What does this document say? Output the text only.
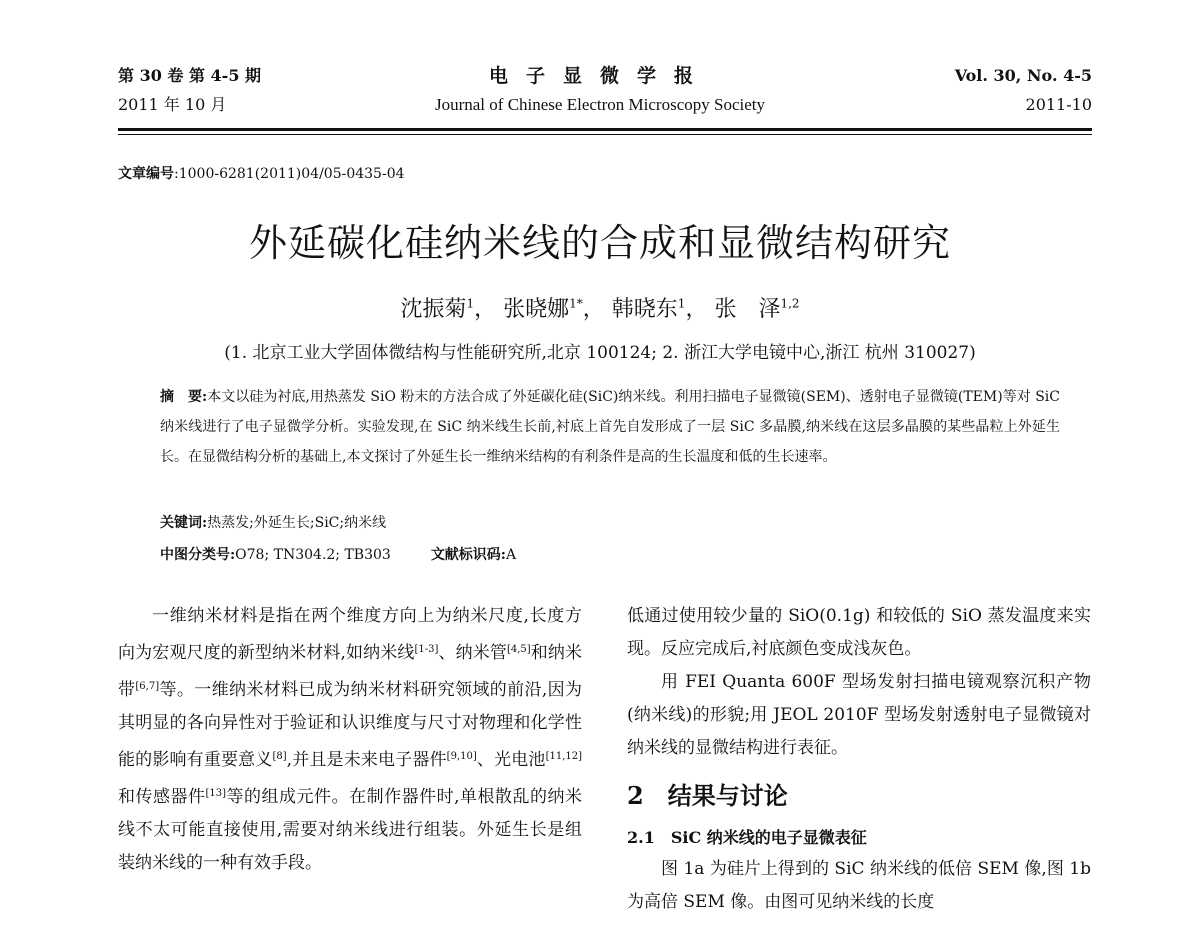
第 30 卷 第 4-5 期
2011 年 10 月
电子显微学报
Journal of Chinese Electron Microscopy Society
Vol. 30, No. 4-5
2011-10
文章编号:1000-6281(2011)04/05-0435-04
外延碳化硅纳米线的合成和显微结构研究
沈振菊$^1$， 张晓娜$^{1*}$， 韩晓东$^1$， 张　泽$^{1,2}$
(1. 北京工业大学固体微结构与性能研究所,北京 100124; 2. 浙江大学电镜中心,浙江 杭州 310027)
摘　要:本文以硅为衬底,用热蒸发 SiO 粉末的方法合成了外延碳化硅(SiC)纳米线。利用扫描电子显微镜(SEM)、透射电子显微镜(TEM)等对 SiC 纳米线进行了电子显微学分析。实验发现,在 SiC 纳米线生长前,衬底上首先自发形成了一层 SiC 多晶膜,纳米线在这层多晶膜的某些晶粒上外延生长。在显微结构分析的基础上,本文探讨了外延生长一维纳米结构的有利条件是高的生长温度和低的生长速率。
关键词:热蒸发;外延生长;SiC;纳米线
中图分类号:O78; TN304.2; TB303	文献标识码:A

一维纳米材料是指在两个维度方向上为纳米尺度,长度方向为宏观尺度的新型纳米材料,如纳米线[1-3]、纳米管[4,5]和纳米带[6,7]等。一维纳米材料已成为纳米材料研究领域的前沿,因为其明显的各向异性对于验证和认识维度与尺寸对物理和化学性能的影响有重要意义[8],并且是未来电子器件[9,10]、光电池[11,12]和传感器件[13]等的组成元件。在制作器件时,单根散乱的纳米线不太可能直接使用,需要对纳米线进行组装。外延生长是组装纳米线的一种有效手段。

低通过使用较少量的 SiO(0.1g) 和较低的 SiO 蒸发温度来实现。反应完成后,衬底颜色变成浅灰色。

用 FEI Quanta 600F 型场发射扫描电镜观察沉积产物(纳米线)的形貌;用 JEOL 2010F 型场发射透射电子显微镜对纳米线的显微结构进行表征。

2　结果与讨论
2.1　SiC 纳米线的电子显微表征

图 1a 为硅片上得到的 SiC 纳米线的低倍 SEM 像,图 1b 为高倍 SEM 像。由图可见纳米线的长度
